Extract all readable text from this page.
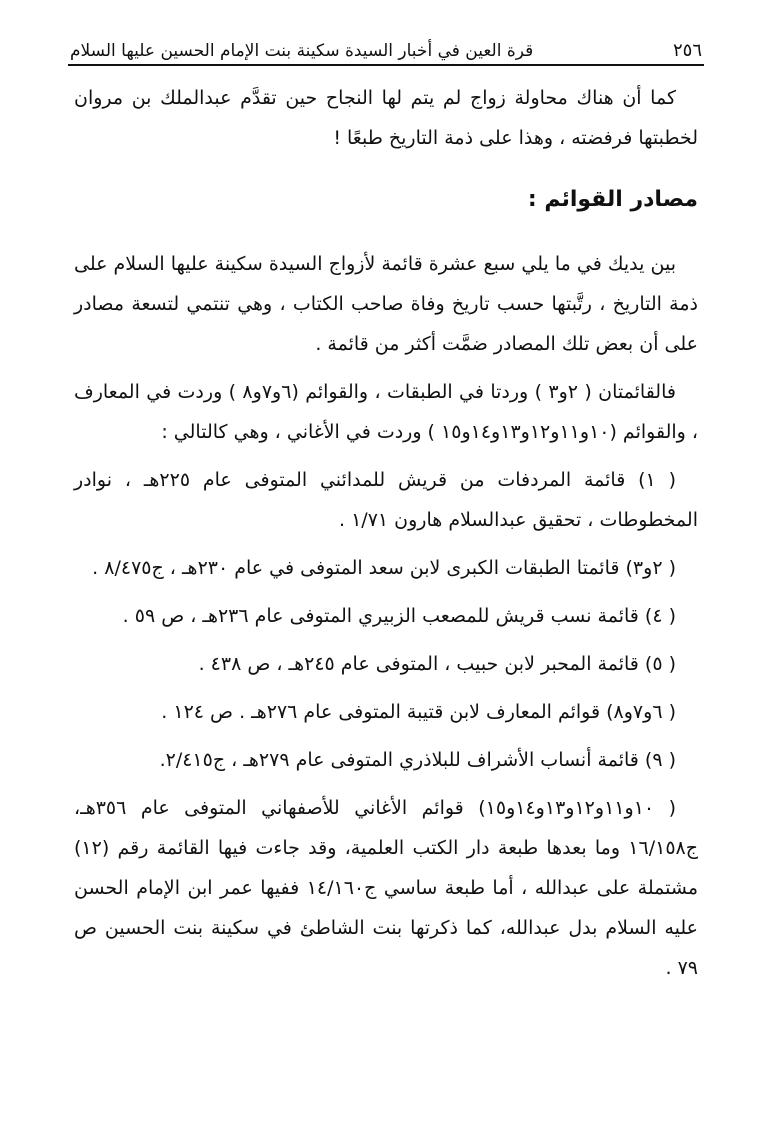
قرة العين في أخبار السيدة سكينة بنت الإمام الحسين عليها السلام	٢٥٦

كما أن هناك محاولة زواج لم يتم لها النجاح حين تقدَّم عبدالملك بن مروان لخطبتها فرفضته ، وهذا على ذمة التاريخ طبعًا !

مصادر القوائم :

بين يديك في ما يلي سبع عشرة قائمة لأزواج السيدة سكينة عليها السلام على ذمة التاريخ ، رتَّبتها حسب تاريخ وفاة صاحب الكتاب ، وهي تنتمي لتسعة مصادر على أن بعض تلك المصادر ضمَّت أكثر من قائمة .

فالقائمتان ( ٢و٣ ) وردتا في الطبقات ، والقوائم (٦و٧و٨ ) وردت في المعارف ، والقوائم (١٠و١١و١٢و١٣و١٤و١٥ ) وردت في الأغاني ، وهي كالتالي :

( ١) قائمة المردفات من قريش للمدائني المتوفى عام ٢٢٥هـ ، نوادر المخطوطات ، تحقيق عبدالسلام هارون ١/٧١ .

( ٢و٣) قائمتا الطبقات الكبرى لابن سعد المتوفى في عام ٢٣٠هـ ، ج٨/٤٧٥ .

( ٤) قائمة نسب قريش للمصعب الزبيري المتوفى عام ٢٣٦هـ ، ص ٥٩ .

( ٥) قائمة المحبر لابن حبيب ، المتوفى عام ٢٤٥هـ ، ص ٤٣٨ .

( ٦و٧و٨) قوائم المعارف لابن قتيبة المتوفى عام ٢٧٦هـ . ص ١٢٤ .

( ٩) قائمة أنساب الأشراف للبلاذري المتوفى عام ٢٧٩هـ ، ج٢/٤١٥.

( ١٠و١١و١٢و١٣و١٤و١٥) قوائم الأغاني للأصفهاني المتوفى عام ٣٥٦هـ، ج١٦/١٥٨ وما بعدها طبعة دار الكتب العلمية، وقد جاءت فيها القائمة رقم (١٢) مشتملة على عبدالله ، أما طبعة ساسي ج١٤/١٦٠ ففيها عمر ابن الإمام الحسن عليه السلام بدل عبدالله، كما ذكرتها بنت الشاطئ في سكينة بنت الحسين ص ٧٩ .
